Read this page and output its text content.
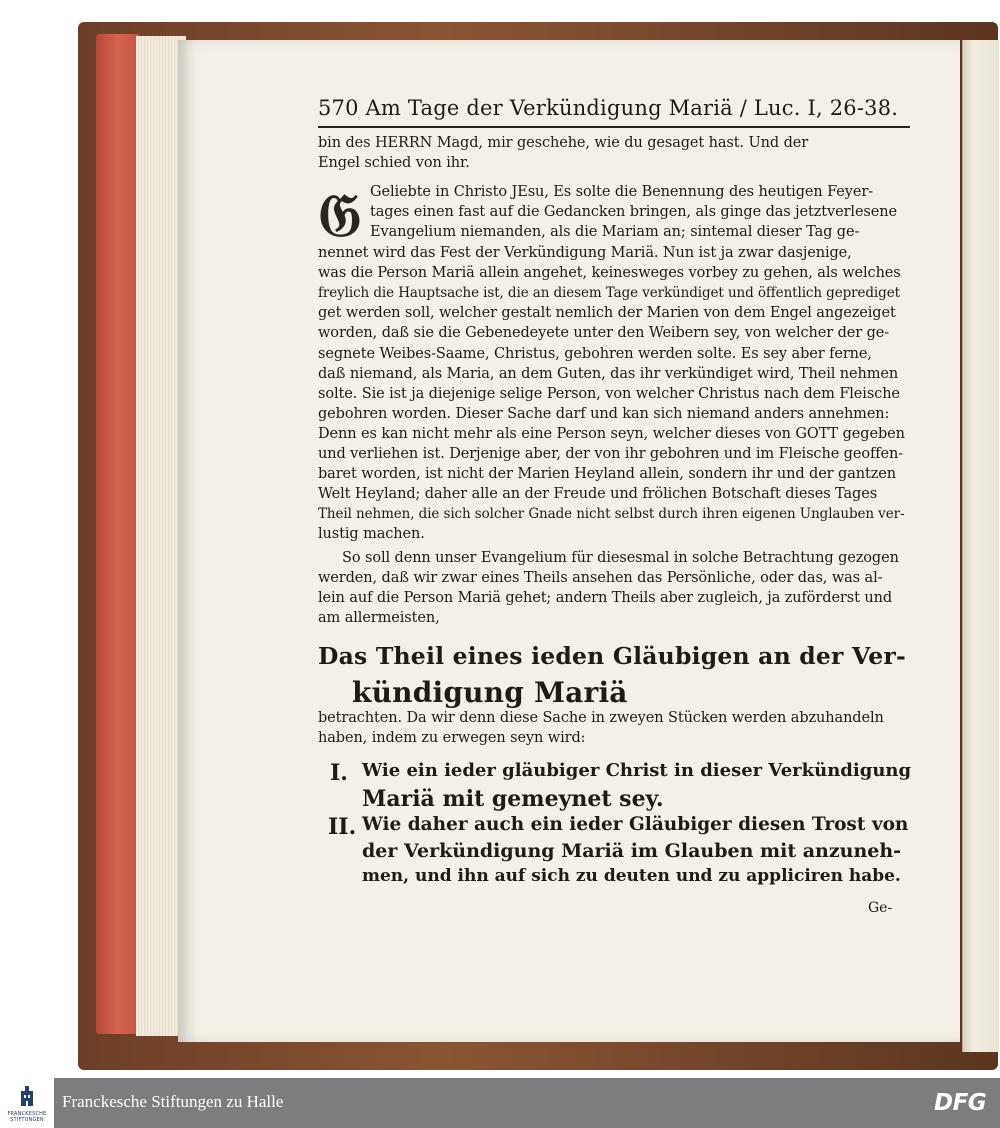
570 Am Tage der Verkündigung Mariä / Luc. I, 26-38.
𝔊
bin des HERRN Magd, mir geschehe, wie du gesaget hast. Und der
Engel schied von ihr.
Geliebte in Christo JEsu, Es solte die Benennung des heutigen Feyer-
tages einen fast auf die Gedancken bringen, als ginge das jetztverlesene
Evangelium niemanden, als die Mariam an; sintemal dieser Tag ge-
nennet wird das Fest der Verkündigung Mariä. Nun ist ja zwar dasjenige,
was die Person Mariä allein angehet, keinesweges vorbey zu gehen, als welches
freylich die Hauptsache ist, die an diesem Tage verkündiget und öffentlich geprediget
get werden soll, welcher gestalt nemlich der Marien von dem Engel angezeiget
worden, daß sie die Gebenedeyete unter den Weibern sey, von welcher der ge-
segnete Weibes-Saame, Christus, gebohren werden solte. Es sey aber ferne,
daß niemand, als Maria, an dem Guten, das ihr verkündiget wird, Theil nehmen
solte. Sie ist ja diejenige selige Person, von welcher Christus nach dem Fleische
gebohren worden. Dieser Sache darf und kan sich niemand anders annehmen:
Denn es kan nicht mehr als eine Person seyn, welcher dieses von GOTT gegeben
und verliehen ist. Derjenige aber, der von ihr gebohren und im Fleische geoffen-
baret worden, ist nicht der Marien Heyland allein, sondern ihr und der gantzen
Welt Heyland; daher alle an der Freude und frölichen Botschaft dieses Tages
Theil nehmen, die sich solcher Gnade nicht selbst durch ihren eigenen Unglauben ver-
lustig machen.
So soll denn unser Evangelium für diesesmal in solche Betrachtung gezogen
werden, daß wir zwar eines Theils ansehen das Persönliche, oder das, was al-
lein auf die Person Mariä gehet; andern Theils aber zugleich, ja zuförderst und
am allermeisten,
Das Theil eines ieden Gläubigen an der Ver-
kündigung Mariä
betrachten. Da wir denn diese Sache in zweyen Stücken werden abzuhandeln
haben, indem zu erwegen seyn wird:
I. Wie ein ieder gläubiger Christ in dieser Verkündigung
Mariä mit gemeynet sey.
II. Wie daher auch ein ieder Gläubiger diesen Trost von
der Verkündigung Mariä im Glauben mit anzuneh-
men, und ihn auf sich zu deuten und zu appliciren habe.
Ge-
FRANCKESCHE
STIFTUNGEN
Franckesche Stiftungen zu Halle	DFG
